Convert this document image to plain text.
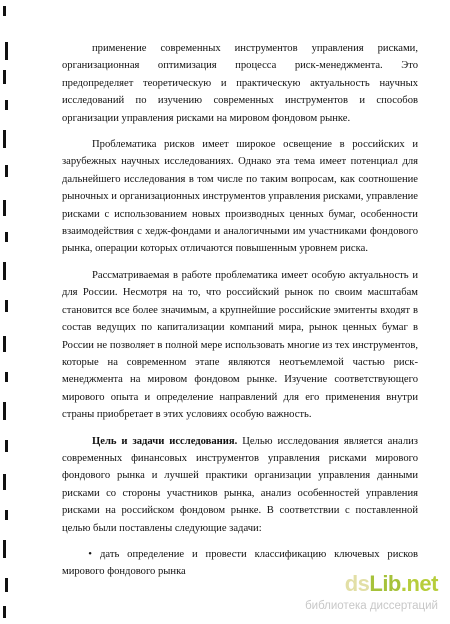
применение современных инструментов управления рисками, организационная оптимизация процесса риск-менеджмента. Это предопределяет теоретическую и практическую актуальность научных исследований по изучению современных инструментов и способов организации управления рисками на мировом фондовом рынке.

Проблематика рисков имеет широкое освещение в российских и зарубежных научных исследованиях. Однако эта тема имеет потенциал для дальнейшего исследования в том числе по таким вопросам, как соотношение рыночных и организационных инструментов управления рисками, управление рисками с использованием новых производных ценных бумаг, особенности взаимодействия с хедж-фондами и аналогичными им участниками фондового рынка, операции которых отличаются повышенным уровнем риска.

Рассматриваемая в работе проблематика имеет особую актуальность и для России. Несмотря на то, что российский рынок по своим масштабам становится все более значимым, а крупнейшие российские эмитенты входят в состав ведущих по капитализации компаний мира, рынок ценных бумаг в России не позволяет в полной мере использовать многие из тех инструментов, которые на современном этапе являются неотъемлемой частью риск-менеджмента на мировом фондовом рынке. Изучение соответствующего мирового опыта и определение направлений для его применения внутри страны приобретает в этих условиях особую важность.

Цель и задачи исследования. Целью исследования является анализ современных финансовых инструментов управления рисками мирового фондового рынка и лучшей практики организации управления данными рисками со стороны участников рынка, анализ особенностей управления рисками на российском фондовом рынке. В соответствии с поставленной целью были поставлены следующие задачи:

• дать определение и провести классификацию ключевых рисков мирового фондового рынка	dsLib.net
библиотека диссертаций
